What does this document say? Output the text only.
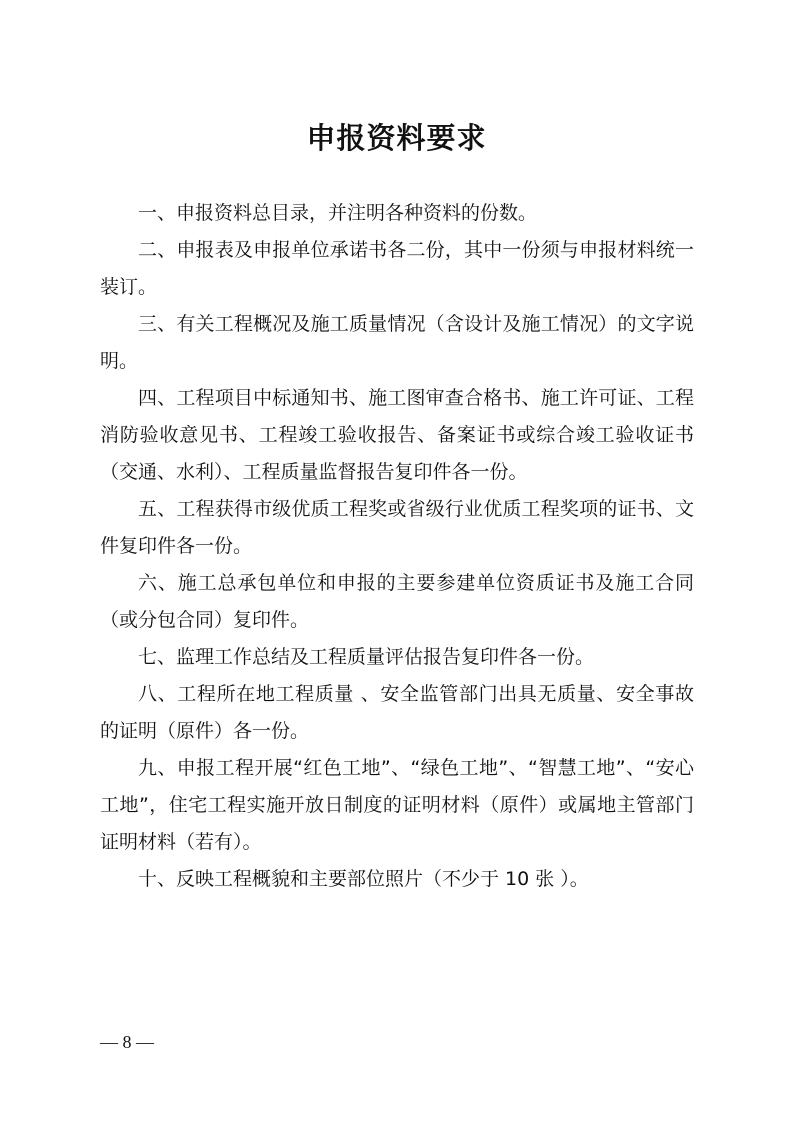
申报资料要求

一、申报资料总目录，并注明各种资料的份数。

二、申报表及申报单位承诺书各二份，其中一份须与申报材料统一装订。

三、有关工程概况及施工质量情况（含设计及施工情况）的文字说明。

四、工程项目中标通知书、施工图审查合格书、施工许可证、工程消防验收意见书、工程竣工验收报告、备案证书或综合竣工验收证书（交通、水利）、工程质量监督报告复印件各一份。

五、工程获得市级优质工程奖或省级行业优质工程奖项的证书、文件复印件各一份。

六、施工总承包单位和申报的主要参建单位资质证书及施工合同（或分包合同）复印件。

七、监理工作总结及工程质量评估报告复印件各一份。

八、工程所在地工程质量 、安全监管部门出具无质量、安全事故的证明（原件）各一份。

九、申报工程开展“红色工地”、“绿色工地”、“智慧工地”、“安心工地”，住宅工程实施开放日制度的证明材料（原件）或属地主管部门证明材料（若有）。

十、反映工程概貌和主要部位照片（不少于 10 张 ）。

— 8 —
